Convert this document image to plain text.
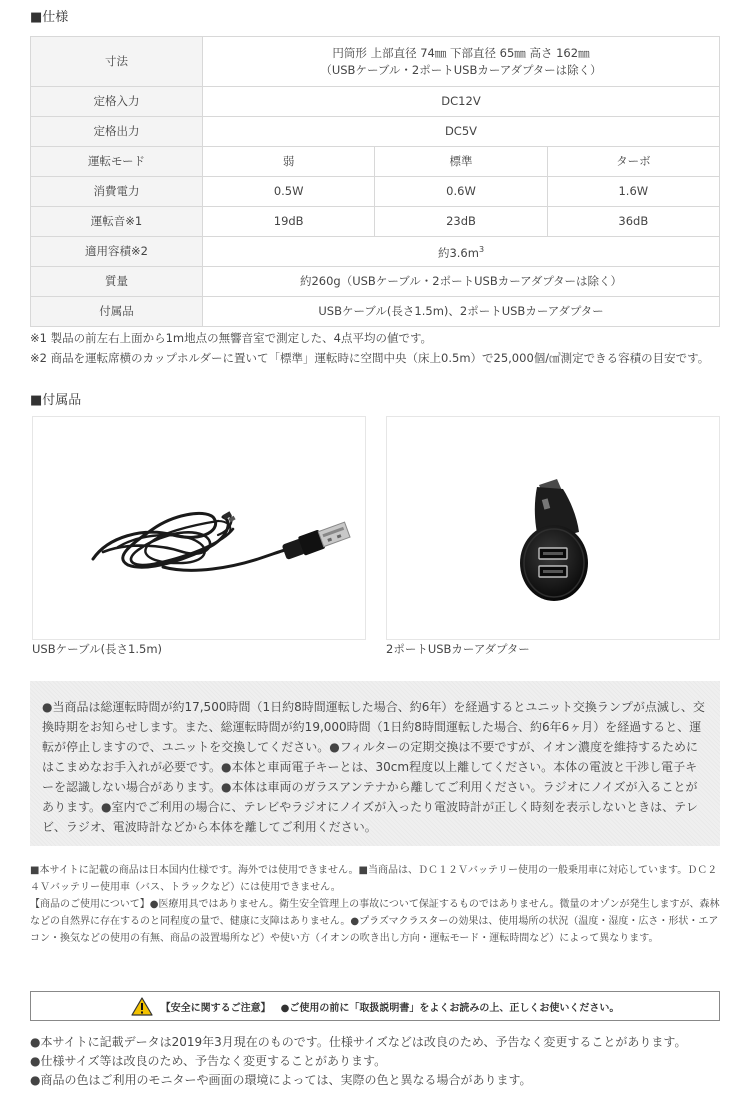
■仕様
寸法	円筒形 上部直径 74㎜ 下部直径 65㎜ 高さ 162㎜
（USBケーブル・2ポートUSBカーアダプターは除く）		

定格入力	DC12V		
定格出力	DC5V		
運転モード	弱	標準	ターボ
消費電力	0.5W	0.6W	1.6W
運転音※1	19dB	23dB	36dB
適用容積※2	約$3.6m^3$
質量	約260g（USBケーブル・2ポートUSBカーアダプターは除く）		
付属品	USBケーブル(長さ1.5m)、2ポートUSBカーアダプター		
※1 製品の前左右上面から1m地点の無響音室で測定した、4点平均の値です。
※2 商品を運転席横のカップホルダーに置いて「標準」運転時に空間中央（床上0.5m）で25,000個/㎤測定できる容積の目安です。
■付属品
USBケーブル(長さ1.5m)	2ポートUSBカーアダプター
●当商品は総運転時間が約17,500時間（1日約8時間運転した場合、約6年）を経過するとユニット交換ランプが点滅し、交換時期をお知らせします。また、総運転時間が約19,000時間（1日約8時間運転した場合、約6年6ヶ月）を経過すると、運転が停止しますので、ユニットを交換してください。●フィルターの定期交換は不要ですが、イオン濃度を維持するためにはこまめなお手入れが必要です。●本体と車両電子キーとは、30cm程度以上離してください。本体の電波と干渉し電子キーを認識しない場合があります。●本体は車両のガラスアンテナから離してご利用ください。ラジオにノイズが入ることがあります。●室内でご利用の場合に、テレビやラジオにノイズが入ったり電波時計が正しく時刻を表示しないときは、テレビ、ラジオ、電波時計などから本体を離してご利用ください。
■本サイトに記載の商品は日本国内仕様です。海外では使用できません。■当商品は、ＤＣ１２Ｖバッテリー使用の一般乗用車に対応しています。ＤＣ２４Ｖバッテリー使用車（バス、トラックなど）には使用できません。
【商品のご使用について】●医療用具ではありません。衛生安全管理上の事故について保証するものではありません。微量のオゾンが発生しますが、森林などの自然界に存在するのと同程度の量で、健康に支障はありません。●プラズマクラスターの効果は、使用場所の状況（温度・湿度・広さ・形状・エアコン・換気などの使用の有無、商品の設置場所など）や使い方（イオンの吹き出し方向・運転モード・運転時間など）によって異なります。
【安全に関するご注意】 ●ご使用の前に「取扱説明書」をよくお読みの上、正しくお使いください。
●本サイトに記載データは2019年3月現在のものです。仕様サイズなどは改良のため、予告なく変更することがあります。
●仕様サイズ等は改良のため、予告なく変更することがあります。
●商品の色はご利用のモニターや画面の環境によっては、実際の色と異なる場合があります。
